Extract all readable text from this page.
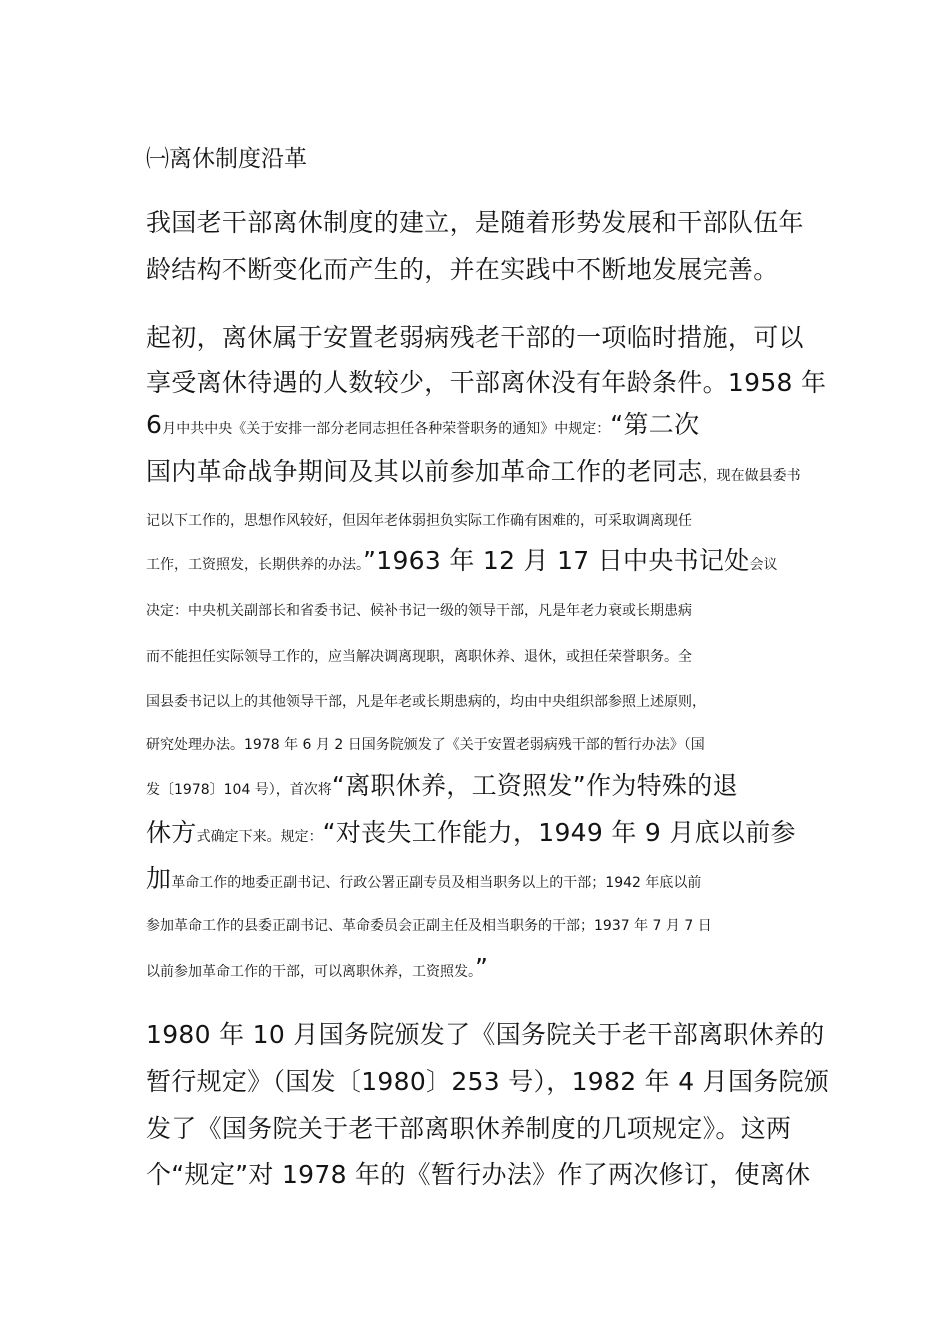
㈠离休制度沿革
我国老干部离休制度的建立，是随着形势发展和干部队伍年
龄结构不断变化而产生的，并在实践中不断地发展完善。
起初，离休属于安置老弱病残老干部的一项临时措施，可以
享受离休待遇的人数较少，干部离休没有年龄条件。1958 年
6月中共中央《关于安排一部分老同志担任各种荣誉职务的通知》中规定：“第二次
国内革命战争期间及其以前参加革命工作的老同志，现在做县委书
记以下工作的，思想作风较好，但因年老体弱担负实际工作确有困难的，可采取调离现任
工作，工资照发，长期供养的办法。”1963 年 12 月 17 日中央书记处会议
决定：中央机关副部长和省委书记、候补书记一级的领导干部，凡是年老力衰或长期患病
而不能担任实际领导工作的，应当解决调离现职，离职休养、退休，或担任荣誉职务。全
国县委书记以上的其他领导干部，凡是年老或长期患病的，均由中央组织部参照上述原则，
研究处理办法。1978 年 6 月 2 日国务院颁发了《关于安置老弱病残干部的暂行办法》（国
发〔1978〕104 号），首次将“离职休养，工资照发”作为特殊的退
休方式确定下来。规定：“对丧失工作能力，1949 年 9 月底以前参
加革命工作的地委正副书记、行政公署正副专员及相当职务以上的干部；1942 年底以前
参加革命工作的县委正副书记、革命委员会正副主任及相当职务的干部；1937 年 7 月 7 日
以前参加革命工作的干部，可以离职休养，工资照发。”
1980 年 10 月国务院颁发了《国务院关于老干部离职休养的
暂行规定》（国发〔1980〕253 号），1982 年 4 月国务院颁
发了《国务院关于老干部离职休养制度的几项规定》。这两
个“规定”对 1978 年的《暂行办法》作了两次修订，使离休
